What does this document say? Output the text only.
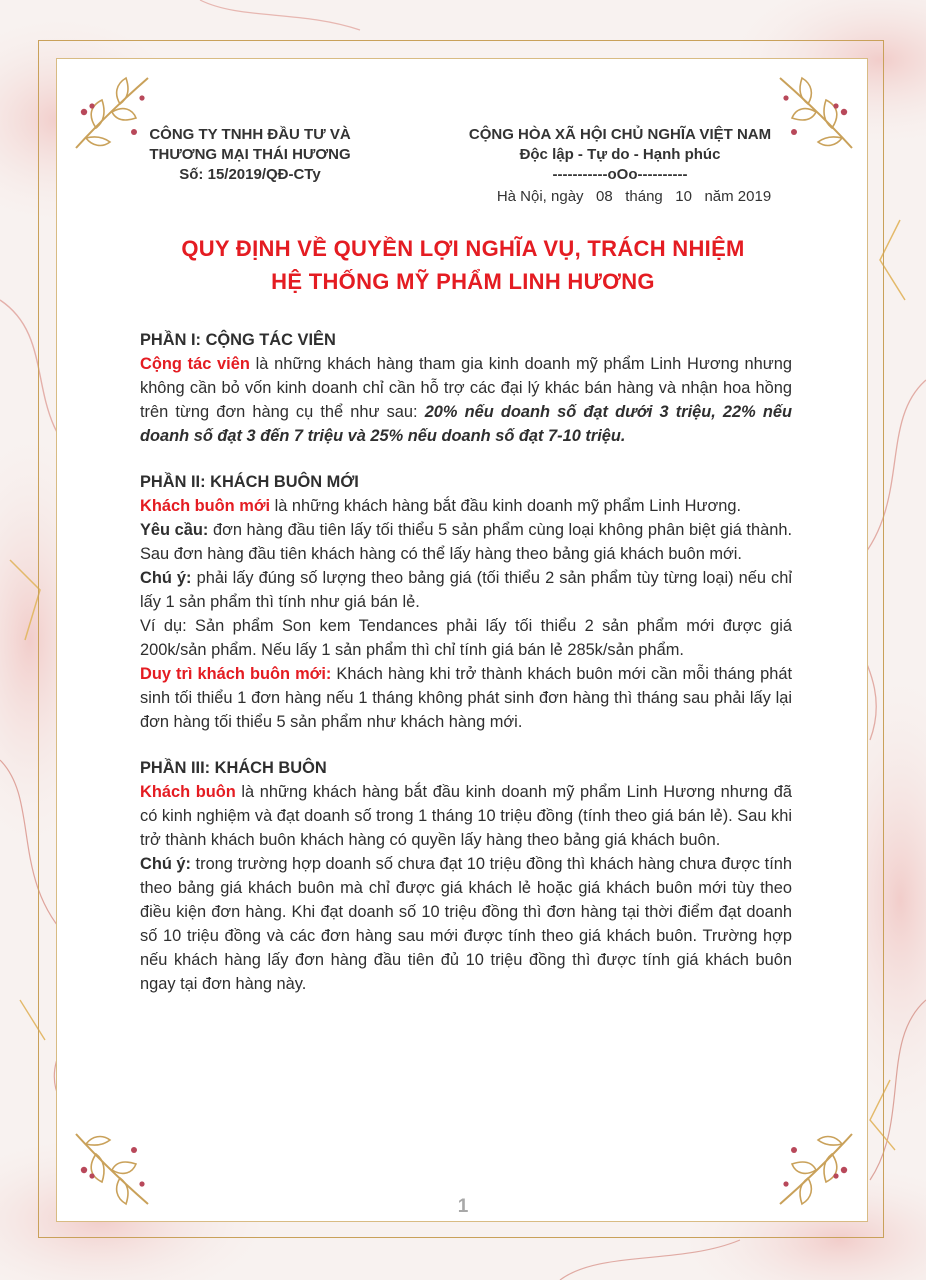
CÔNG TY TNHH ĐẦU TƯ VÀ
THƯƠNG MẠI THÁI HƯƠNG
Số: 15/2019/QĐ-CTy
CỘNG HÒA XÃ HỘI CHỦ NGHĨA VIỆT NAM
Độc lập - Tự do - Hạnh phúc
-----------oOo----------
Hà Nội, ngày   08   tháng   10   năm 2019
QUY ĐỊNH VỀ QUYỀN LỢI NGHĨA VỤ, TRÁCH NHIỆM
HỆ THỐNG MỸ PHẨM LINH HƯƠNG

PHẦN I: CỘNG TÁC VIÊN

Cộng tác viên là những khách hàng tham gia kinh doanh mỹ phẩm Linh Hương nhưng không cần bỏ vốn kinh doanh chỉ cần hỗ trợ các đại lý khác bán hàng và nhận hoa hồng trên từng đơn hàng cụ thể như sau: 20% nếu doanh số đạt dưới 3 triệu, 22% nếu doanh số đạt 3 đến 7 triệu và 25% nếu doanh số đạt 7-10 triệu.

PHẦN II: KHÁCH BUÔN MỚI

Khách buôn mới là những khách hàng bắt đầu kinh doanh mỹ phẩm Linh Hương.

Yêu cầu: đơn hàng đầu tiên lấy tối thiểu 5 sản phẩm cùng loại không phân biệt giá thành. Sau đơn hàng đầu tiên khách hàng có thể lấy hàng theo bảng giá khách buôn mới.

Chú ý: phải lấy đúng số lượng theo bảng giá (tối thiểu 2 sản phẩm tùy từng loại) nếu chỉ lấy 1 sản phẩm thì tính như giá bán lẻ.

Ví dụ: Sản phẩm Son kem Tendances phải lấy tối thiểu 2 sản phẩm mới được giá 200k/sản phẩm. Nếu lấy 1 sản phẩm thì chỉ tính giá bán lẻ 285k/sản phẩm.

Duy trì khách buôn mới: Khách hàng khi trở thành khách buôn mới cần mỗi tháng phát sinh tối thiểu 1 đơn hàng nếu 1 tháng không phát sinh đơn hàng thì tháng sau phải lấy lại đơn hàng tối thiểu 5 sản phẩm như khách hàng mới.

PHẦN III: KHÁCH BUÔN

Khách buôn là những khách hàng bắt đầu kinh doanh mỹ phẩm Linh Hương nhưng đã có kinh nghiệm và đạt doanh số trong 1 tháng 10 triệu đồng (tính theo giá bán lẻ). Sau khi trở thành khách buôn khách hàng có quyền lấy hàng theo bảng giá khách buôn.

Chú ý: trong trường hợp doanh số chưa đạt 10 triệu đồng thì khách hàng chưa được tính theo bảng giá khách buôn mà chỉ được giá khách lẻ hoặc giá khách buôn mới tùy theo điều kiện đơn hàng. Khi đạt doanh số 10 triệu đồng thì đơn hàng tại thời điểm đạt doanh số 10 triệu đồng và các đơn hàng sau mới được tính theo giá khách buôn. Trường hợp nếu khách hàng lấy đơn hàng đầu tiên đủ 10 triệu đồng thì được tính giá khách buôn ngay tại đơn hàng này.

1
